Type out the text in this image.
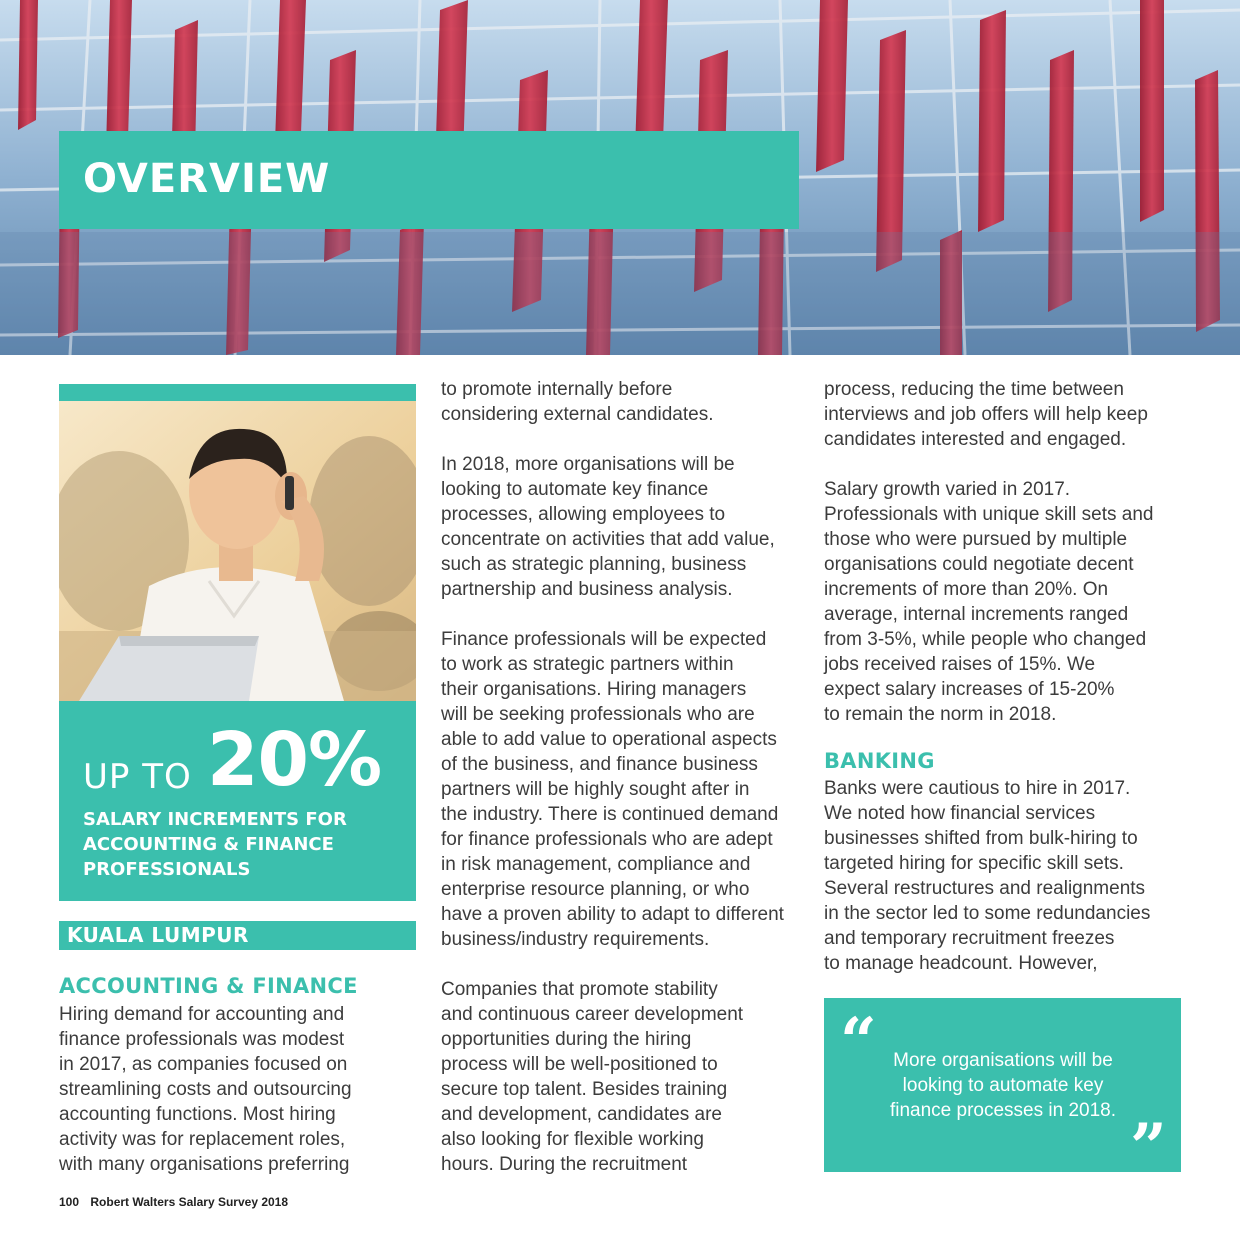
OVERVIEW
UP TO 20%
SALARY INCREMENTS FOR ACCOUNTING & FINANCE PROFESSIONALS
KUALA LUMPUR
ACCOUNTING & FINANCE

Hiring demand for accounting and
finance professionals was modest
in 2017, as companies focused on
streamlining costs and outsourcing
accounting functions. Most hiring
activity was for replacement roles,
with many organisations preferring

to promote internally before
considering external candidates.

In 2018, more organisations will be
looking to automate key finance
processes, allowing employees to
concentrate on activities that add value,
such as strategic planning, business
partnership and business analysis.

Finance professionals will be expected
to work as strategic partners within
their organisations. Hiring managers
will be seeking professionals who are
able to add value to operational aspects
of the business, and finance business
partners will be highly sought after in
the industry. There is continued demand
for finance professionals who are adept
in risk management, compliance and
enterprise resource planning, or who
have a proven ability to adapt to different
business/industry requirements.

Companies that promote stability
and continuous career development
opportunities during the hiring
process will be well-positioned to
secure top talent. Besides training
and development, candidates are
also looking for flexible working
hours. During the recruitment

process, reducing the time between
interviews and job offers will help keep
candidates interested and engaged.

Salary growth varied in 2017.
Professionals with unique skill sets and
those who were pursued by multiple
organisations could negotiate decent
increments of more than 20%. On
average, internal increments ranged
from 3-5%, while people who changed
jobs received raises of 15%. We
expect salary increases of 15-20%
to remain the norm in 2018.

BANKING

Banks were cautious to hire in 2017.
We noted how financial services
businesses shifted from bulk-hiring to
targeted hiring for specific skill sets.
Several restructures and realignments
in the sector led to some redundancies
and temporary recruitment freezes
to manage headcount. However,

“ More organisations will be
looking to automate key
finance processes in 2018. ”
100 Robert Walters Salary Survey 2018
